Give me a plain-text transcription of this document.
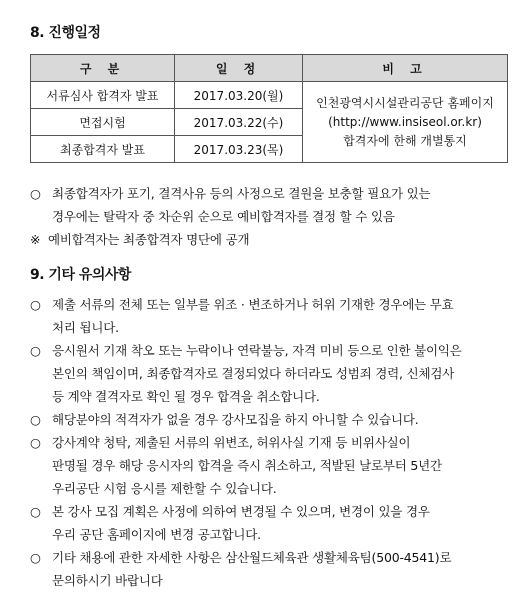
8. 진행일정
구 분	일 정	비 고
서류심사 합격자 발표	2017.03.20(월)	인천광역시시설관리공단 홈페이지
(http://www.insiseol.or.kr)
합격자에 한해 개별통지

면접시험	2017.03.22(수)	
최종합격자 발표	2017.03.23(목)	
○ 최종합격자가 포기, 결격사유 등의 사정으로 결원을 보충할 필요가 있는
경우에는 탈락자 중 차순위 순으로 예비합격자를 결정 할 수 있음
※ 예비합격자는 최종합격자 명단에 공개
9. 기타 유의사항
○ 제출 서류의 전체 또는 일부를 위조 · 변조하거나 허위 기재한 경우에는 무효
처리 됩니다.
○ 응시원서 기재 착오 또는 누락이나 연락불능, 자격 미비 등으로 인한 불이익은
본인의 책임이며, 최종합격자로 결정되었다 하더라도 성범죄 경력, 신체검사
등 계약 결격자로 확인 될 경우 합격을 취소합니다.
○ 해당분야의 적격자가 없을 경우 강사모집을 하지 아니할 수 있습니다.
○ 강사계약 청탁, 제출된 서류의 위변조, 허위사실 기재 등 비위사실이
판명될 경우 해당 응시자의 합격을 즉시 취소하고, 적발된 날로부터 5년간
우리공단 시험 응시를 제한할 수 있습니다.
○ 본 강사 모집 계획은 사정에 의하여 변경될 수 있으며, 변경이 있을 경우
우리 공단 홈페이지에 변경 공고합니다.
○ 기타 채용에 관한 자세한 사항은 삼산월드체육관 생활체육팀(500-4541)로
문의하시기 바랍니다
